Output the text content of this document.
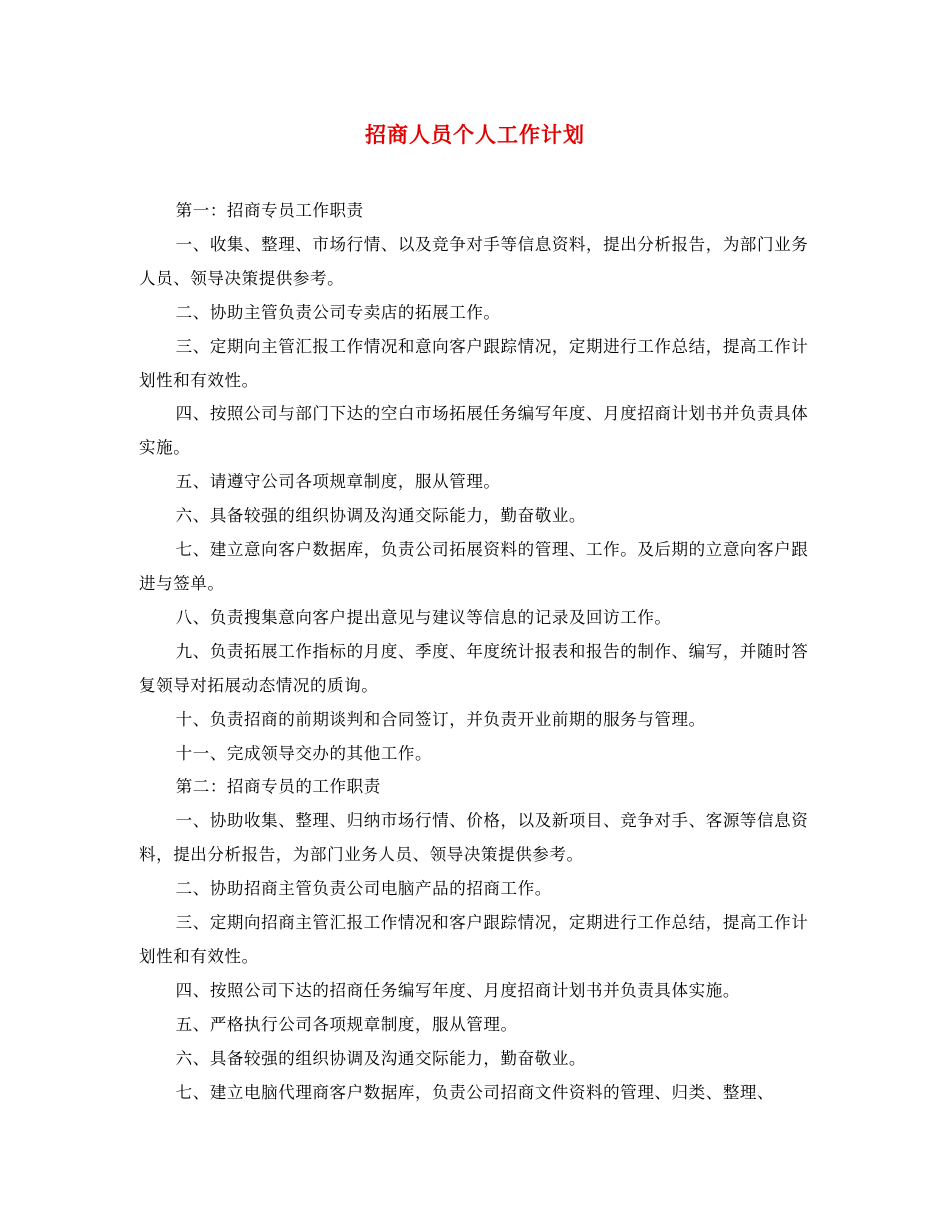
招商人员个人工作计划

第一：招商专员工作职责

一、收集、整理、市场行情、以及竞争对手等信息资料，提出分析报告，为部门业务人员、领导决策提供参考。

二、协助主管负责公司专卖店的拓展工作。

三、定期向主管汇报工作情况和意向客户跟踪情况，定期进行工作总结，提高工作计划性和有效性。

四、按照公司与部门下达的空白市场拓展任务编写年度、月度招商计划书并负责具体实施。

五、请遵守公司各项规章制度，服从管理。

六、具备较强的组织协调及沟通交际能力，勤奋敬业。

七、建立意向客户数据库，负责公司拓展资料的管理、工作。及后期的立意向客户跟进与签单。

八、负责搜集意向客户提出意见与建议等信息的记录及回访工作。

九、负责拓展工作指标的月度、季度、年度统计报表和报告的制作、编写，并随时答复领导对拓展动态情况的质询。

十、负责招商的前期谈判和合同签订，并负责开业前期的服务与管理。

十一、完成领导交办的其他工作。

第二：招商专员的工作职责

一、协助收集、整理、归纳市场行情、价格，以及新项目、竞争对手、客源等信息资料，提出分析报告，为部门业务人员、领导决策提供参考。

二、协助招商主管负责公司电脑产品的招商工作。

三、定期向招商主管汇报工作情况和客户跟踪情况，定期进行工作总结，提高工作计划性和有效性。

四、按照公司下达的招商任务编写年度、月度招商计划书并负责具体实施。

五、严格执行公司各项规章制度，服从管理。

六、具备较强的组织协调及沟通交际能力，勤奋敬业。

七、建立电脑代理商客户数据库，负责公司招商文件资料的管理、归类、整理、
